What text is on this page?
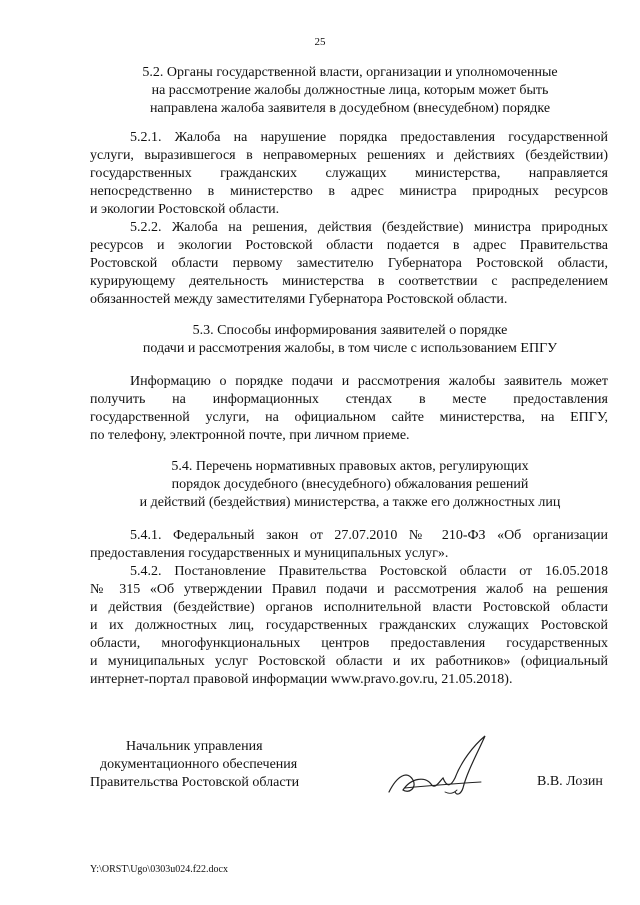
25
5.2. Органы государственной власти, организации и уполномоченные
на рассмотрение жалобы должностные лица, которым может быть
направлена жалоба заявителя в досудебном (внесудебном) порядке

5.2.1. Жалоба на нарушение порядка предоставления государственной
услуги, выразившегося в неправомерных решениях и действиях (бездействии)
государственных гражданских служащих министерства, направляется
непосредственно в министерство в адрес министра природных ресурсов
и экологии Ростовской области.

5.2.2. Жалоба на решения, действия (бездействие) министра природных
ресурсов и экологии Ростовской области подается в адрес Правительства
Ростовской области первому заместителю Губернатора Ростовской области,
курирующему деятельность министерства в соответствии с распределением
обязанностей между заместителями Губернатора Ростовской области.

5.3. Способы информирования заявителей о порядке
подачи и рассмотрения жалобы, в том числе с использованием ЕПГУ

Информацию о порядке подачи и рассмотрения жалобы заявитель может
получить на информационных стендах в месте предоставления
государственной услуги, на официальном сайте министерства, на ЕПГУ,
по телефону, электронной почте, при личном приеме.

5.4. Перечень нормативных правовых актов, регулирующих
порядок досудебного (внесудебного) обжалования решений
и действий (бездействия) министерства, а также его должностных лиц

5.4.1. Федеральный закон от 27.07.2010 № 210-ФЗ «Об организации
предоставления государственных и муниципальных услуг».

5.4.2. Постановление Правительства Ростовской области от 16.05.2018
№ 315 «Об утверждении Правил подачи и рассмотрения жалоб на решения
и действия (бездействие) органов исполнительной власти Ростовской области
и их должностных лиц, государственных гражданских служащих Ростовской
области, многофункциональных центров предоставления государственных
и муниципальных услуг Ростовской области и их работников» (официальный
интернет-портал правовой информации www.pravo.gov.ru, 21.05.2018).

Начальник управления
документационного обеспечения
Правительства Ростовской области	В.В. Лозин
Y:\ORST\Ugo\0303u024.f22.docx
